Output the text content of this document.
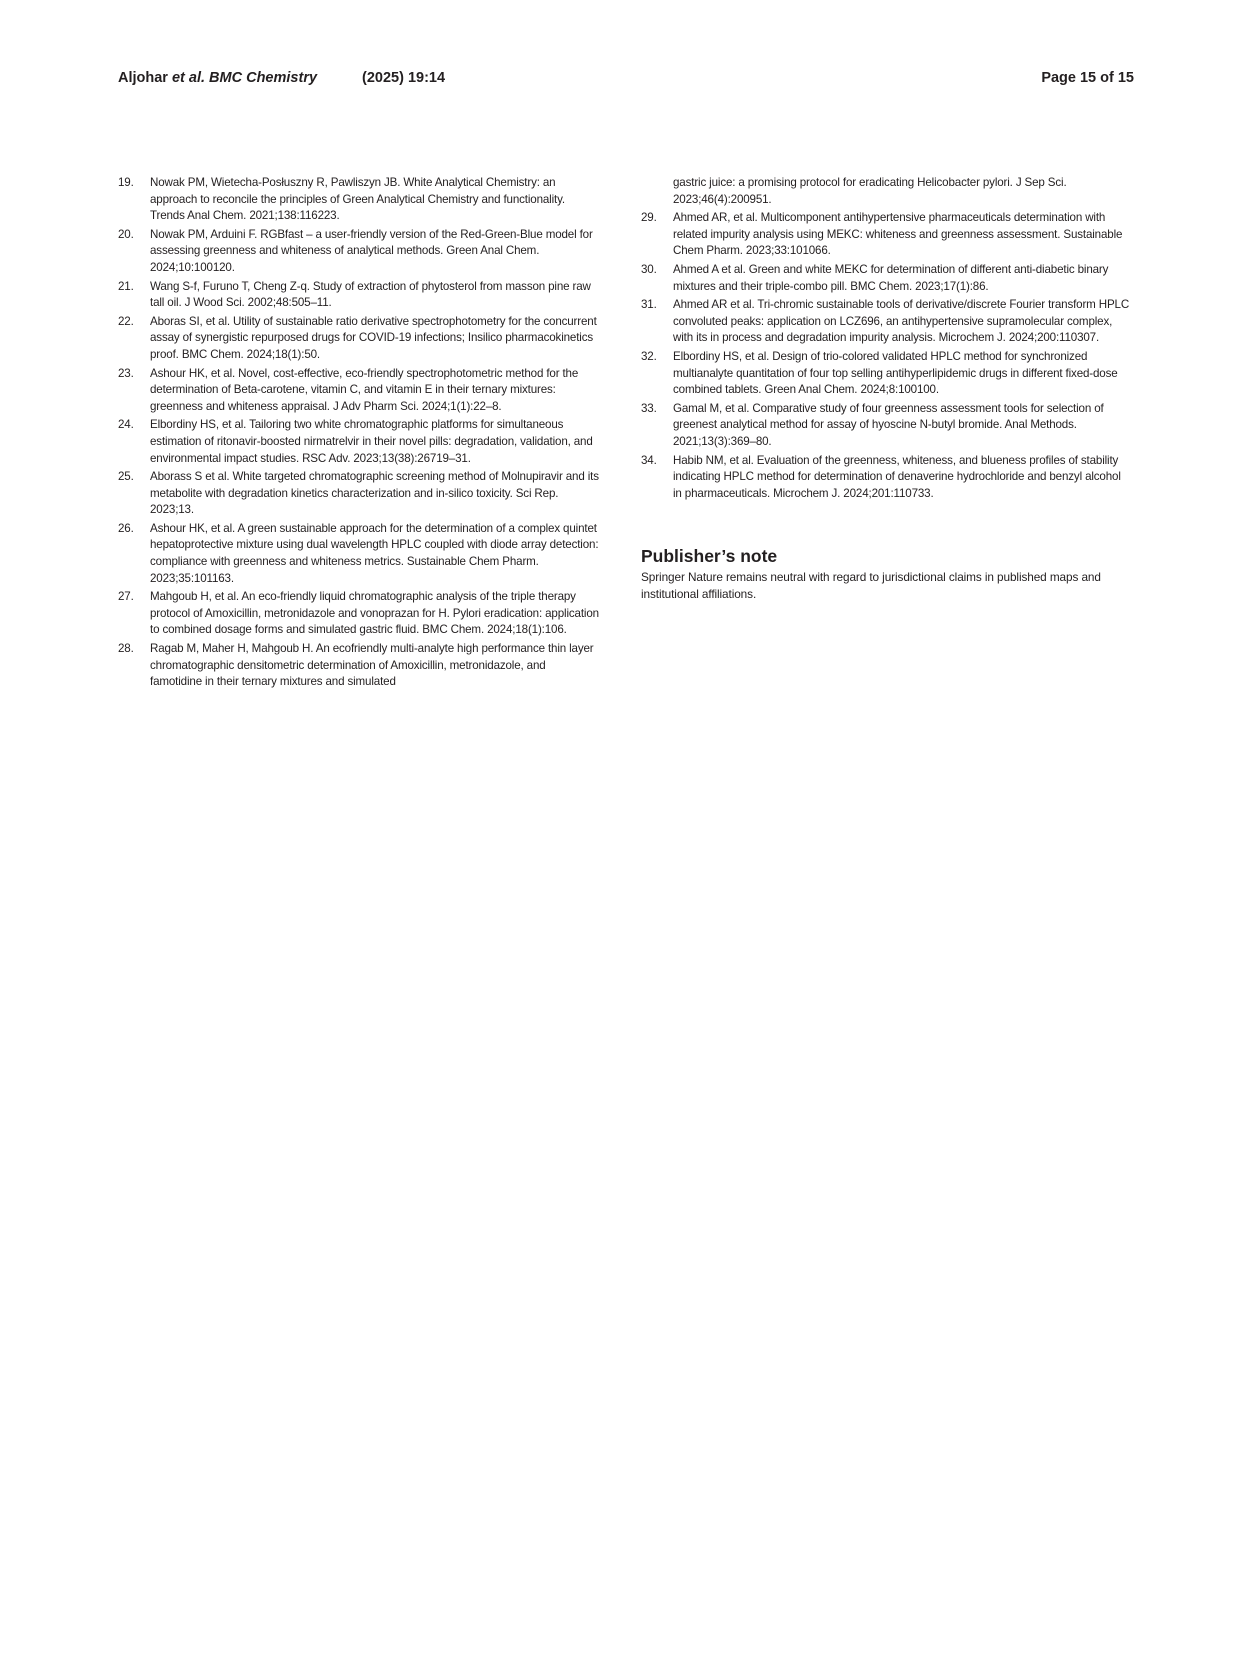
Aljohar et al. BMC Chemistry	(2025) 19:14	Page 15 of 15
19. Nowak PM, Wietecha-Posłuszny R, Pawliszyn JB. White Analytical Chemistry: an approach to reconcile the principles of Green Analytical Chemistry and functionality. Trends Anal Chem. 2021;138:116223.
20. Nowak PM, Arduini F. RGBfast – a user-friendly version of the Red-Green-Blue model for assessing greenness and whiteness of analytical methods. Green Anal Chem. 2024;10:100120.
21. Wang S-f, Furuno T, Cheng Z-q. Study of extraction of phytosterol from masson pine raw tall oil. J Wood Sci. 2002;48:505–11.
22. Aboras SI, et al. Utility of sustainable ratio derivative spectrophotometry for the concurrent assay of synergistic repurposed drugs for COVID-19 infections; Insilico pharmacokinetics proof. BMC Chem. 2024;18(1):50.
23. Ashour HK, et al. Novel, cost-effective, eco-friendly spectrophotometric method for the determination of Beta-carotene, vitamin C, and vitamin E in their ternary mixtures: greenness and whiteness appraisal. J Adv Pharm Sci. 2024;1(1):22–8.
24. Elbordiny HS, et al. Tailoring two white chromatographic platforms for simultaneous estimation of ritonavir-boosted nirmatrelvir in their novel pills: degradation, validation, and environmental impact studies. RSC Adv. 2023;13(38):26719–31.
25. Aborass S et al. White targeted chromatographic screening method of Molnupiravir and its metabolite with degradation kinetics characterization and in-silico toxicity. Sci Rep. 2023;13.
26. Ashour HK, et al. A green sustainable approach for the determination of a complex quintet hepatoprotective mixture using dual wavelength HPLC coupled with diode array detection: compliance with greenness and whiteness metrics. Sustainable Chem Pharm. 2023;35:101163.
27. Mahgoub H, et al. An eco-friendly liquid chromatographic analysis of the triple therapy protocol of Amoxicillin, metronidazole and vonoprazan for H. Pylori eradication: application to combined dosage forms and simulated gastric fluid. BMC Chem. 2024;18(1):106.
28. Ragab M, Maher H, Mahgoub H. An ecofriendly multi-analyte high performance thin layer chromatographic densitometric determination of Amoxicillin, metronidazole, and famotidine in their ternary mixtures and simulated
gastric juice: a promising protocol for eradicating Helicobacter pylori. J Sep Sci. 2023;46(4):200951.
29. Ahmed AR, et al. Multicomponent antihypertensive pharmaceuticals determination with related impurity analysis using MEKC: whiteness and greenness assessment. Sustainable Chem Pharm. 2023;33:101066.
30. Ahmed A et al. Green and white MEKC for determination of different anti-diabetic binary mixtures and their triple-combo pill. BMC Chem. 2023;17(1):86.
31. Ahmed AR et al. Tri-chromic sustainable tools of derivative/discrete Fourier transform HPLC convoluted peaks: application on LCZ696, an antihypertensive supramolecular complex, with its in process and degradation impurity analysis. Microchem J. 2024;200:110307.
32. Elbordiny HS, et al. Design of trio-colored validated HPLC method for synchronized multianalyte quantitation of four top selling antihyperlipidemic drugs in different fixed-dose combined tablets. Green Anal Chem. 2024;8:100100.
33. Gamal M, et al. Comparative study of four greenness assessment tools for selection of greenest analytical method for assay of hyoscine N-butyl bromide. Anal Methods. 2021;13(3):369–80.
34. Habib NM, et al. Evaluation of the greenness, whiteness, and blueness profiles of stability indicating HPLC method for determination of denaverine hydrochloride and benzyl alcohol in pharmaceuticals. Microchem J. 2024;201:110733.
Publisher’s note
Springer Nature remains neutral with regard to jurisdictional claims in published maps and institutional affiliations.
